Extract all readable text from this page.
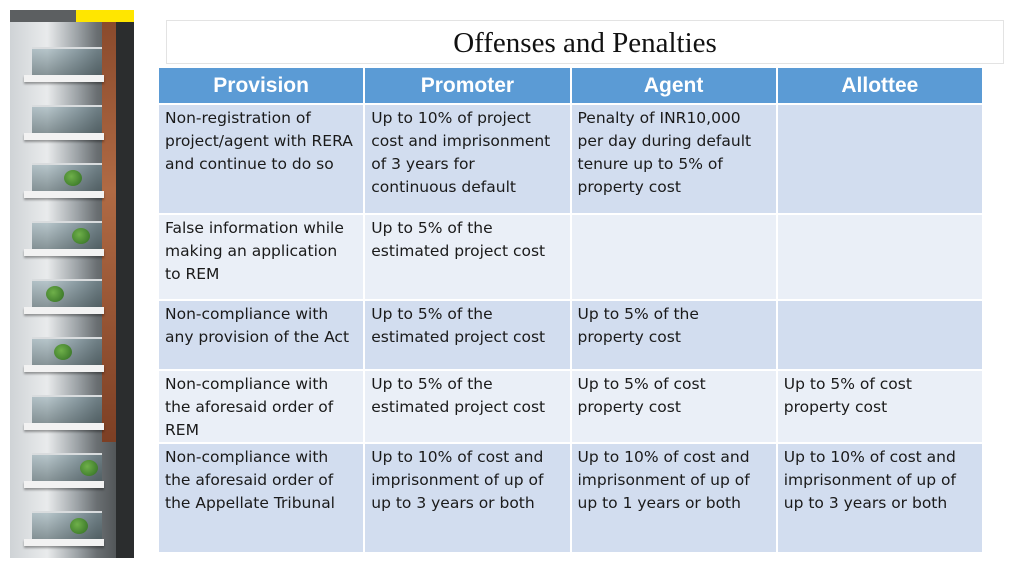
Offenses and Penalties
Provision	Promoter	Agent	Allottee
Non-registration of project/agent with RERA and continue to do so	Up to 10% of project cost and imprisonment of 3 years for continuous default	Penalty of INR10,000 per day during default tenure up to 5% of property cost	
False information while making an application to REM	Up to 5% of the estimated project cost		
Non-compliance with any provision of the Act	Up to 5% of the estimated project cost	Up to 5% of the property cost	
Non-compliance with the aforesaid order of REM	Up to 5% of the estimated project cost	Up to 5% of cost property cost	Up to 5% of cost property cost
Non-compliance with the aforesaid order of the Appellate Tribunal	Up to 10% of cost and imprisonment of up of up to 3 years or both	Up to 10% of cost and imprisonment of up of up to 1 years or both	Up to 10% of cost and imprisonment of up of up to 3 years or both
